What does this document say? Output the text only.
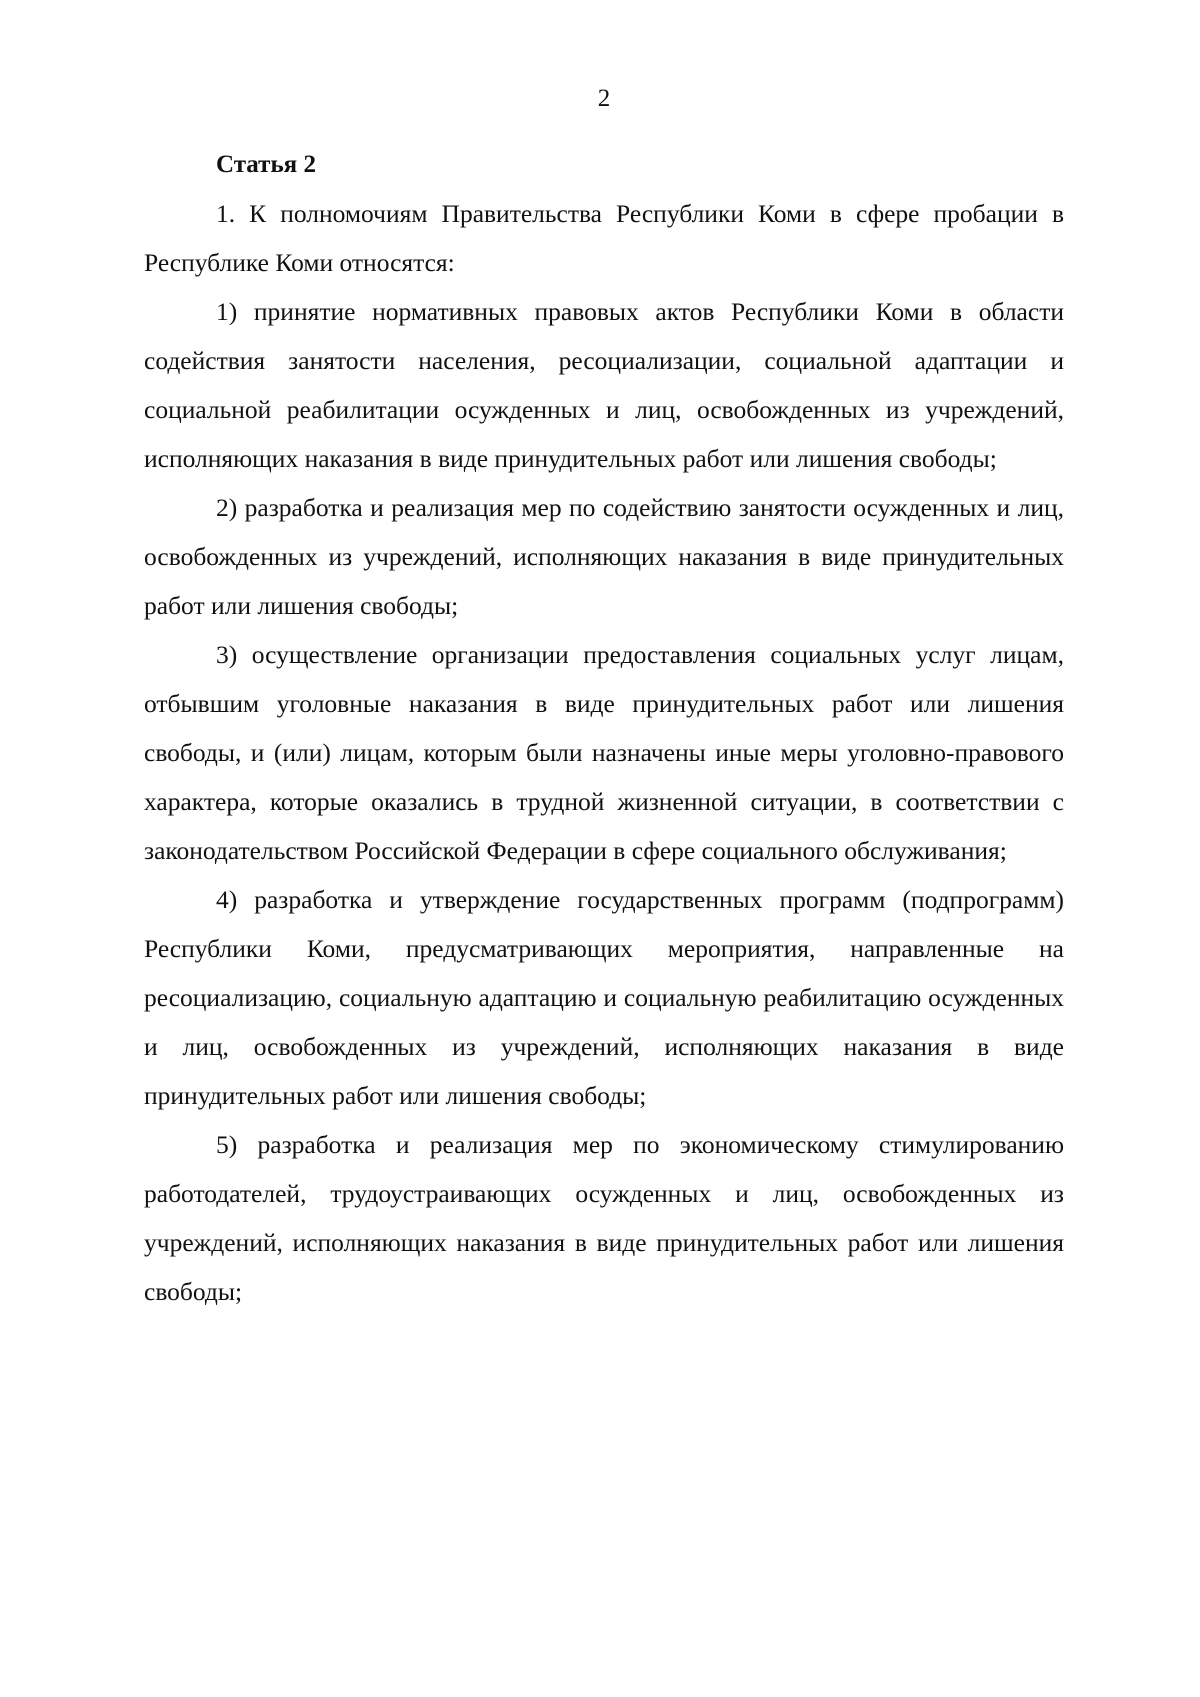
2

Статья 2

1. К полномочиям Правительства Республики Коми в сфере пробации в Республике Коми относятся:

1) принятие нормативных правовых актов Республики Коми в области содействия занятости населения, ресоциализации, социальной адаптации и социальной реабилитации осужденных и лиц, освобожденных из учреждений, исполняющих наказания в виде принудительных работ или лишения свободы;

2) разработка и реализация мер по содействию занятости осужденных и лиц, освобожденных из учреждений, исполняющих наказания в виде принудительных работ или лишения свободы;

3) осуществление организации предоставления социальных услуг лицам, отбывшим уголовные наказания в виде принудительных работ или лишения свободы, и (или) лицам, которым были назначены иные меры уголовно-правового характера, которые оказались в трудной жизненной ситуации, в соответствии с законодательством Российской Федерации в сфере социального обслуживания;

4) разработка и утверждение государственных программ (подпрограмм) Республики Коми, предусматривающих мероприятия, направленные на ресоциализацию, социальную адаптацию и социальную реабилитацию осужденных и лиц, освобожденных из учреждений, исполняющих наказания в виде принудительных работ или лишения свободы;

5) разработка и реализация мер по экономическому стимулированию работодателей, трудоустраивающих осужденных и лиц, освобожденных из учреждений, исполняющих наказания в виде принудительных работ или лишения свободы;
